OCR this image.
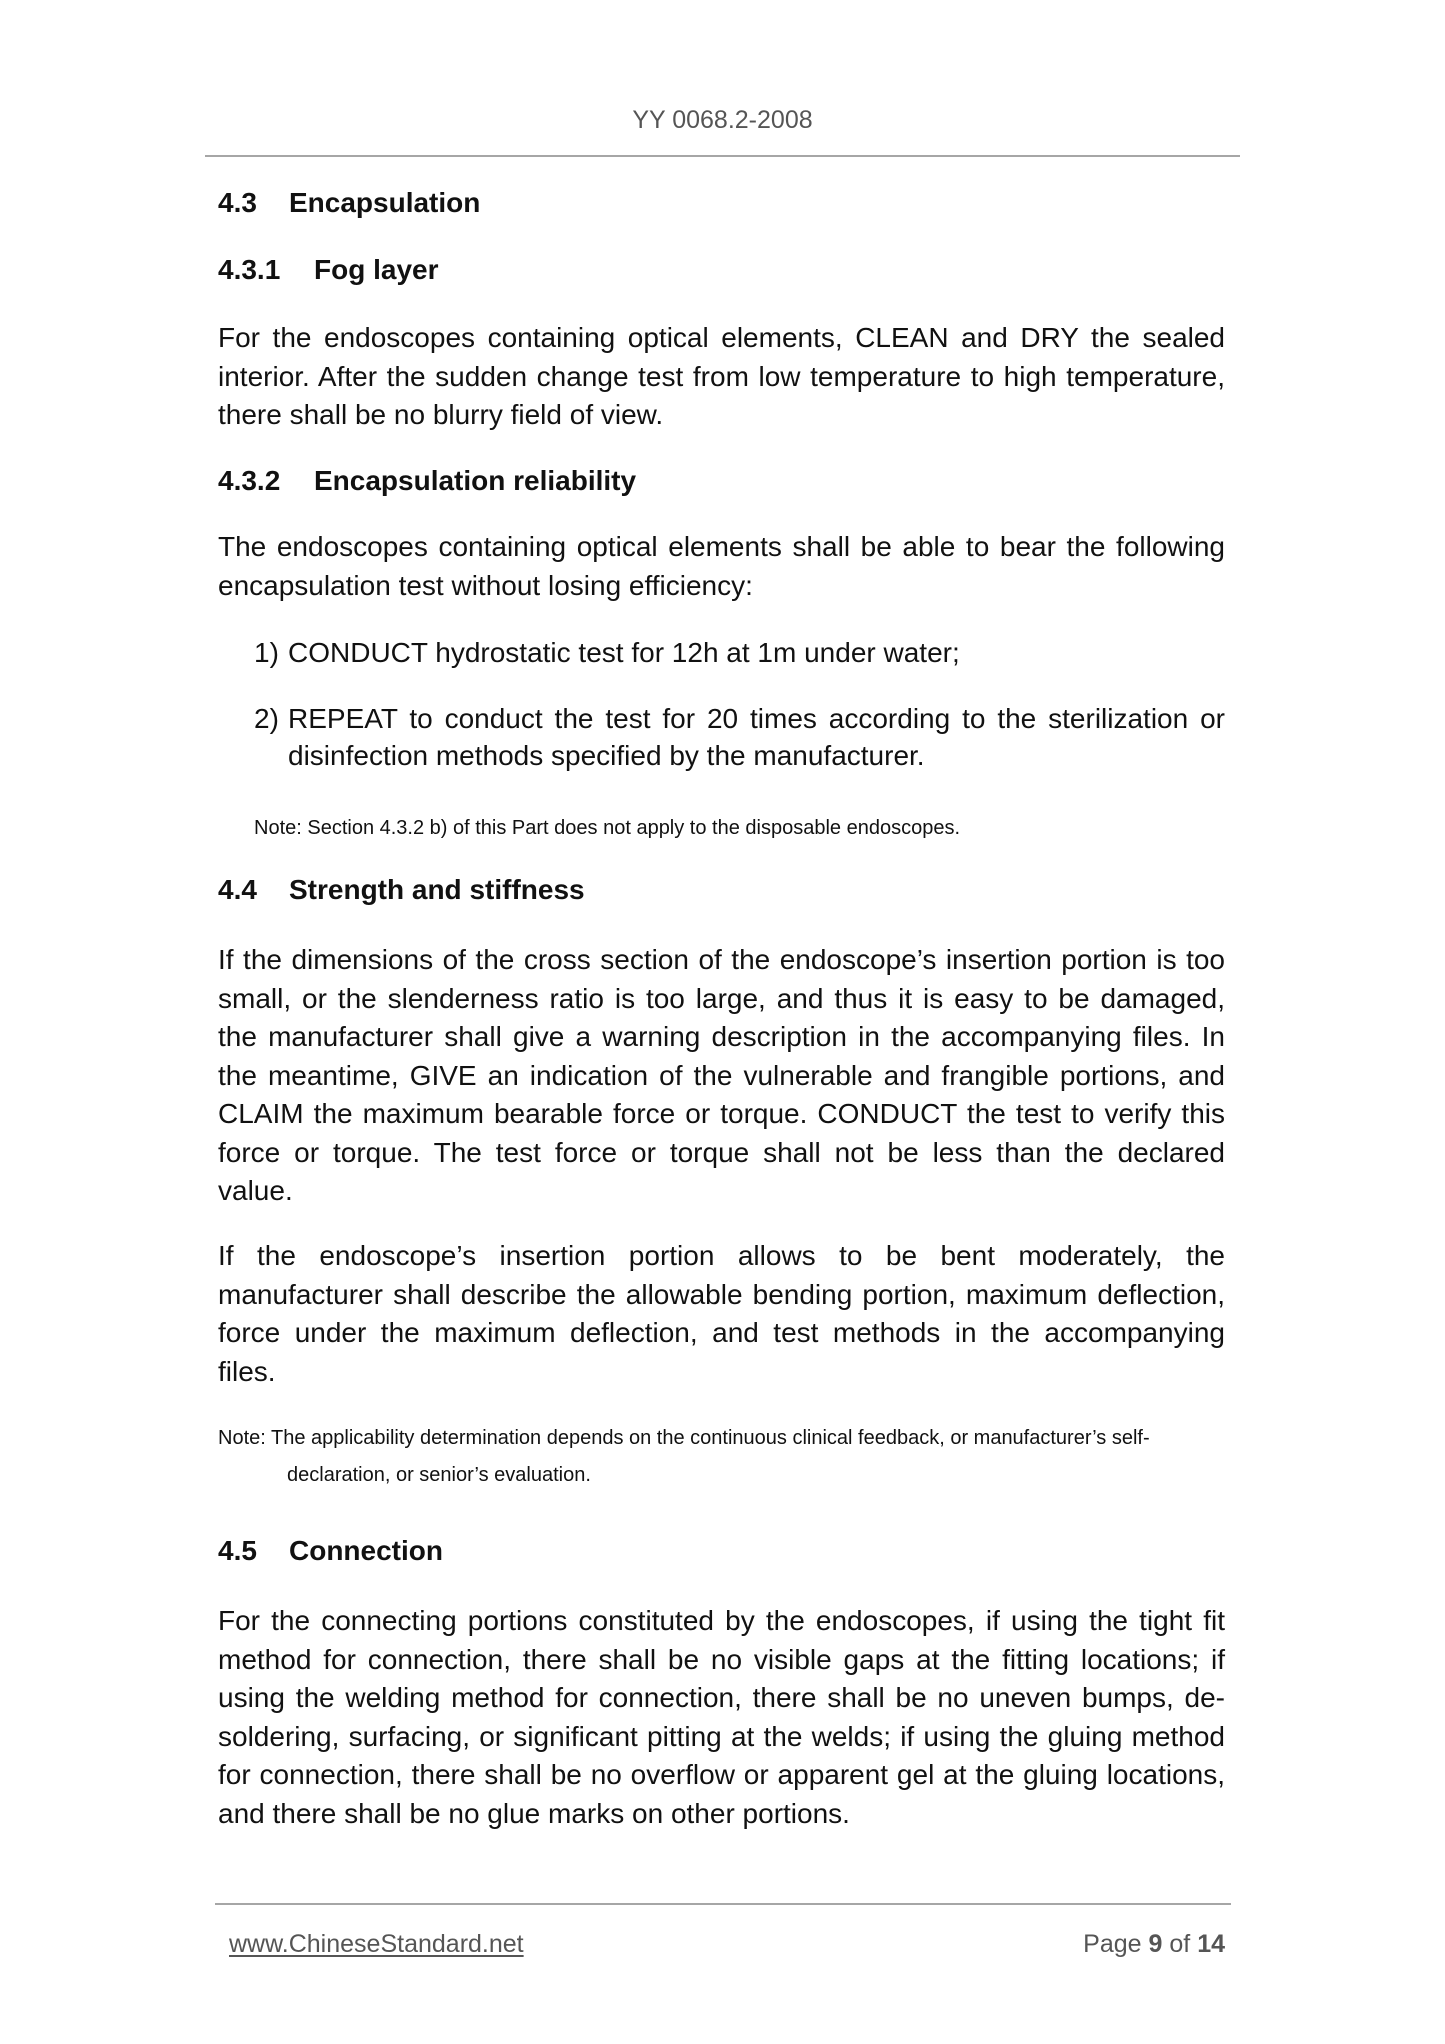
YY 0068.2-2008
4.3 Encapsulation
4.3.1 Fog layer
For the endoscopes containing optical elements, CLEAN and DRY the sealed
interior. After the sudden change test from low temperature to high temperature,
there shall be no blurry field of view.
4.3.2 Encapsulation reliability
The endoscopes containing optical elements shall be able to bear the following
encapsulation test without losing efficiency:
1) CONDUCT hydrostatic test for 12h at 1m under water;
2) REPEAT to conduct the test for 20 times according to the sterilization or
disinfection methods specified by the manufacturer.
Note: Section 4.3.2 b) of this Part does not apply to the disposable endoscopes.
4.4 Strength and stiffness
If the dimensions of the cross section of the endoscope’s insertion portion is too
small, or the slenderness ratio is too large, and thus it is easy to be damaged,
the manufacturer shall give a warning description in the accompanying files. In
the meantime, GIVE an indication of the vulnerable and frangible portions, and
CLAIM the maximum bearable force or torque. CONDUCT the test to verify this
force or torque. The test force or torque shall not be less than the declared
value.
If the endoscope’s insertion portion allows to be bent moderately, the
manufacturer shall describe the allowable bending portion, maximum deflection,
force under the maximum deflection, and test methods in the accompanying
files.
Note: The applicability determination depends on the continuous clinical feedback, or manufacturer’s self-
declaration, or senior’s evaluation.
4.5 Connection
For the connecting portions constituted by the endoscopes, if using the tight fit
method for connection, there shall be no visible gaps at the fitting locations; if
using the welding method for connection, there shall be no uneven bumps, de-
soldering, surfacing, or significant pitting at the welds; if using the gluing method
for connection, there shall be no overflow or apparent gel at the gluing locations,
and there shall be no glue marks on other portions.
www.ChineseStandard.net	Page 9 of 14
